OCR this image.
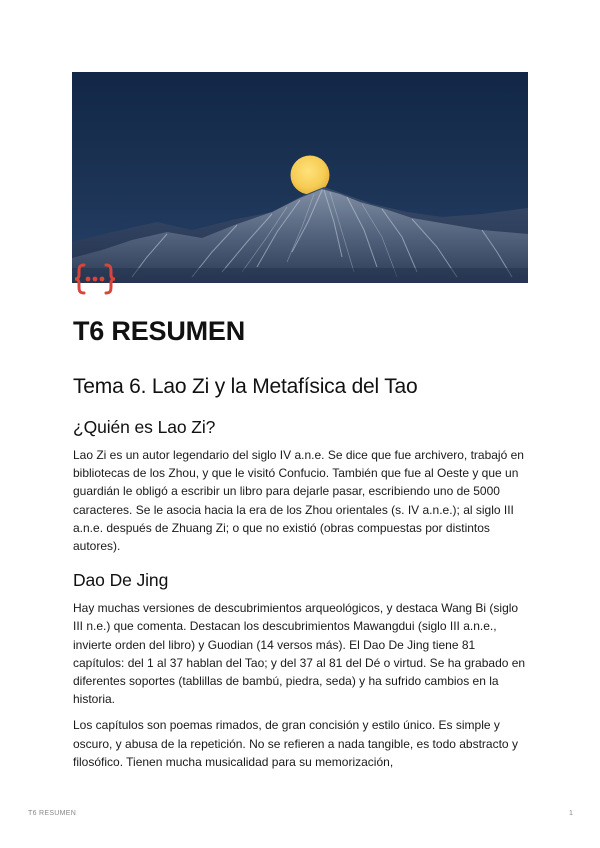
T6 RESUMEN
Tema 6. Lao Zi y la Metafísica del Tao
¿Quién es Lao Zi?

Lao Zi es un autor legendario del siglo IV a.n.e. Se dice que fue archivero, trabajó en bibliotecas de los Zhou, y que le visitó Confucio. También que fue al Oeste y que un guardián le obligó a escribir un libro para dejarle pasar, escribiendo uno de 5000 caracteres. Se le asocia hacia la era de los Zhou orientales (s. IV a.n.e.); al siglo III a.n.e. después de Zhuang Zi; o que no existió (obras compuestas por distintos autores).

Dao De Jing

Hay muchas versiones de descubrimientos arqueológicos, y destaca Wang Bi (siglo III n.e.) que comenta. Destacan los descubrimientos Mawangdui (siglo III a.n.e., invierte orden del libro) y Guodian (14 versos más). El Dao De Jing tiene 81 capítulos: del 1 al 37 hablan del Tao; y del 37 al 81 del Dé o virtud. Se ha grabado en diferentes soportes (tablillas de bambú, piedra, seda) y ha sufrido cambios en la historia.

Los capítulos son poemas rimados, de gran concisión y estilo único. Es simple y oscuro, y abusa de la repetición. No se refieren a nada tangible, es todo abstracto y filosófico. Tienen mucha musicalidad para su memorización,

T6 RESUMEN	1
